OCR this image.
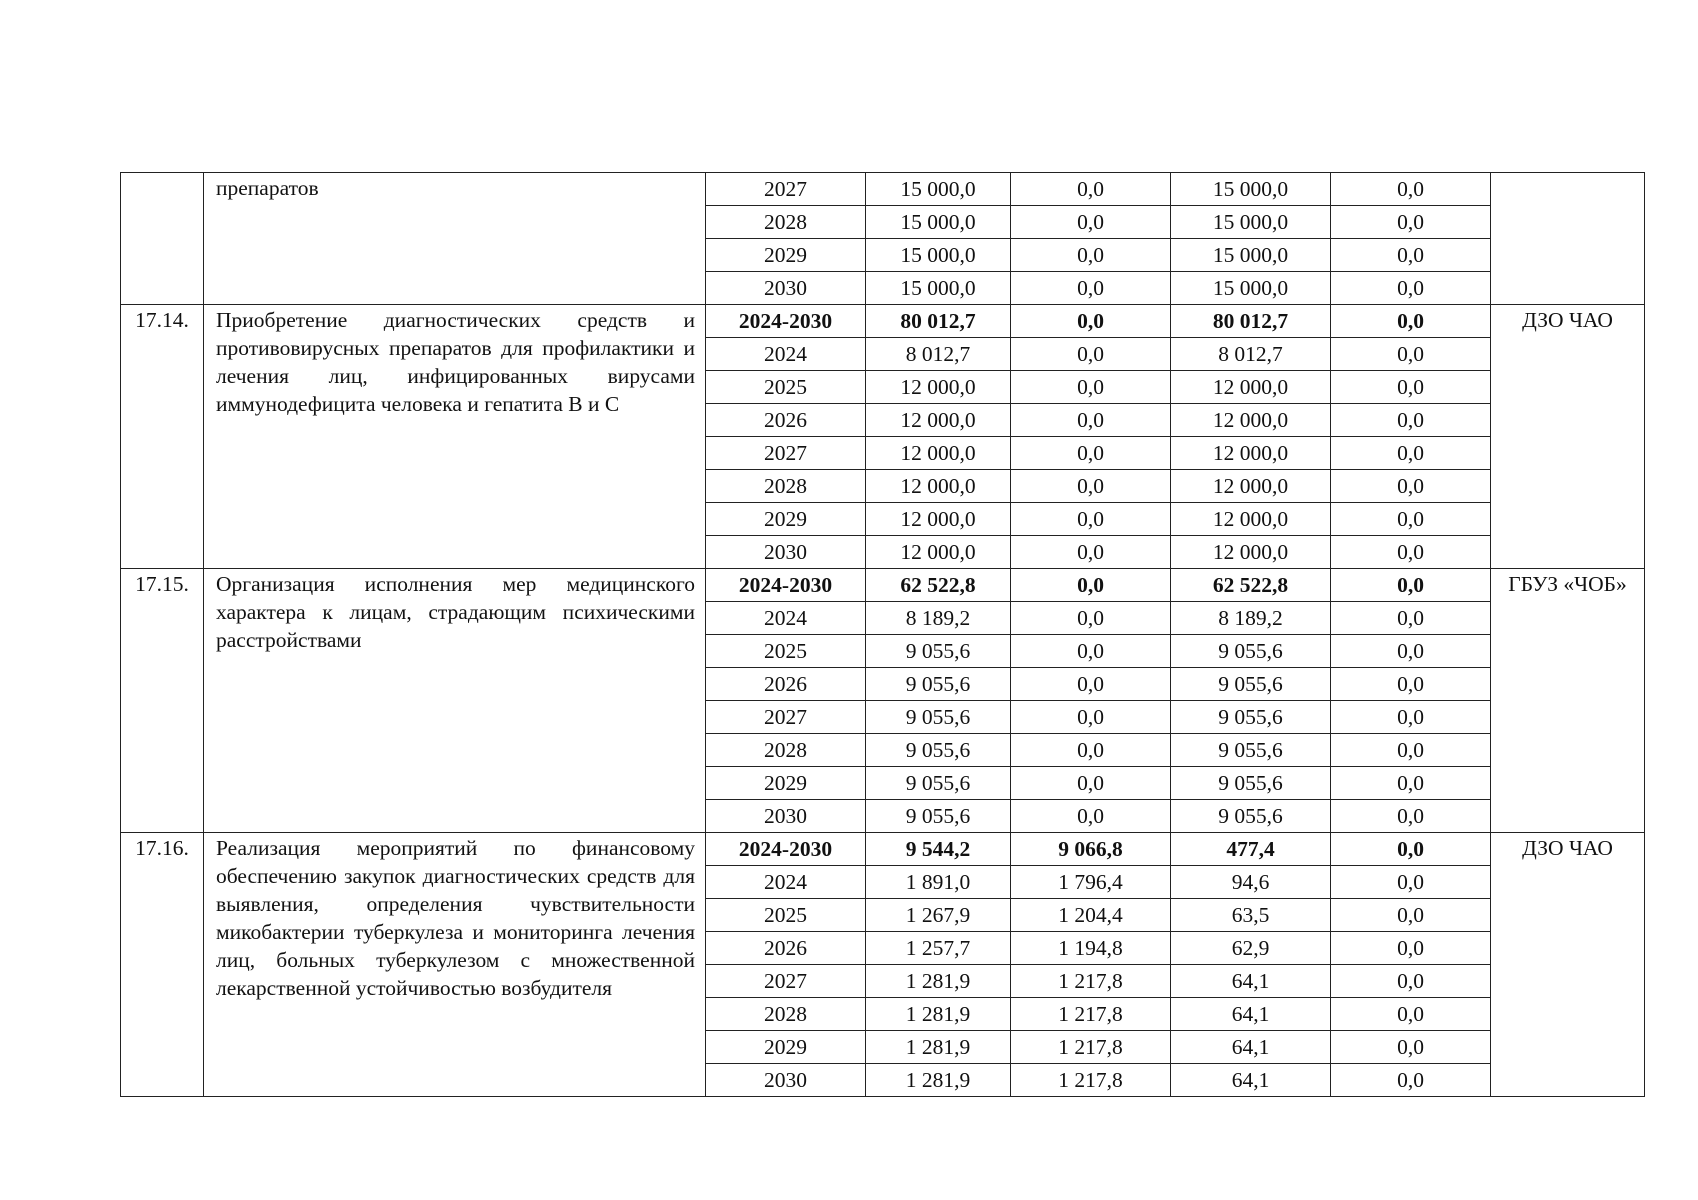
	препаратов	2027	15 000,0	0,0	15 000,0	0,0	
		2028	15 000,0	0,0	15 000,0	0,0	
		2029	15 000,0	0,0	15 000,0	0,0	
		2030	15 000,0	0,0	15 000,0	0,0	
17.14.	Приобретение диагностических средств и противовирусных препаратов для профилактики и лечения лиц, инфицированных вирусами иммунодефицита человека и гепатита B и C	2024-2030	80 012,7	0,0	80 012,7	0,0	ДЗО ЧАО
		2024	8 012,7	0,0	8 012,7	0,0	
		2025	12 000,0	0,0	12 000,0	0,0	
		2026	12 000,0	0,0	12 000,0	0,0	
		2027	12 000,0	0,0	12 000,0	0,0	
		2028	12 000,0	0,0	12 000,0	0,0	
		2029	12 000,0	0,0	12 000,0	0,0	
		2030	12 000,0	0,0	12 000,0	0,0	
17.15.	Организация исполнения мер медицинского характера к лицам, страдающим психическими расстройствами	2024-2030	62 522,8	0,0	62 522,8	0,0	ГБУЗ «ЧОБ»
		2024	8 189,2	0,0	8 189,2	0,0	
		2025	9 055,6	0,0	9 055,6	0,0	
		2026	9 055,6	0,0	9 055,6	0,0	
		2027	9 055,6	0,0	9 055,6	0,0	
		2028	9 055,6	0,0	9 055,6	0,0	
		2029	9 055,6	0,0	9 055,6	0,0	
		2030	9 055,6	0,0	9 055,6	0,0	
17.16.	Реализация мероприятий по финансовому обеспечению закупок диагностических средств для выявления, определения чувствительности микобактерии туберкулеза и мониторинга лечения лиц, больных туберкулезом с множественной лекарственной устойчивостью возбудителя	2024-2030	9 544,2	9 066,8	477,4	0,0	ДЗО ЧАО
		2024	1 891,0	1 796,4	94,6	0,0	
		2025	1 267,9	1 204,4	63,5	0,0	
		2026	1 257,7	1 194,8	62,9	0,0	
		2027	1 281,9	1 217,8	64,1	0,0	
		2028	1 281,9	1 217,8	64,1	0,0	
		2029	1 281,9	1 217,8	64,1	0,0	
		2030	1 281,9	1 217,8	64,1	0,0	
